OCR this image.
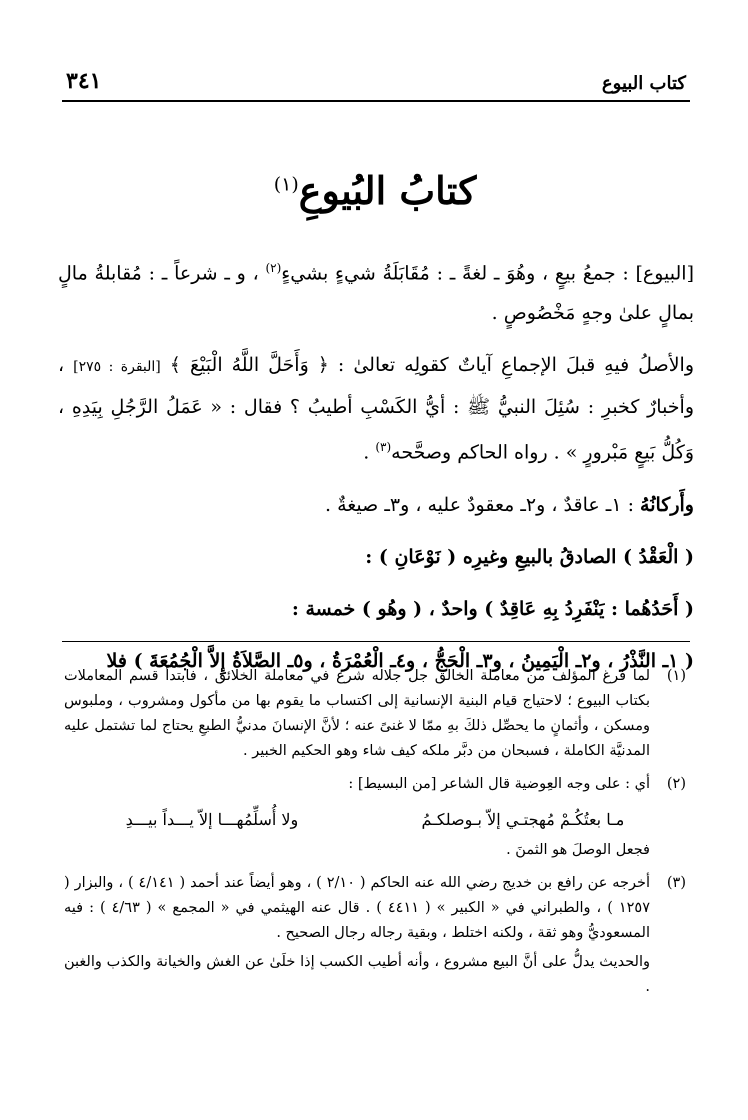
كتاب البيوع
٣٤١
كتابُ البُيوعِ$^{(١)}$

[البيوع] : جمعُ بيعٍ ، وهُوَ ـ لغةً ـ : مُقَابَلَةُ شيءٍ بشيءٍ$^{(٢)}$ ، و ـ شرعاً ـ : مُقابلةُ مالٍ بمالٍ علىٰ وجهٍ مَخْصُوصٍ .

والأصلُ فيهِ قبلَ الإجماعِ آياتٌ كقولِه تعالىٰ : ﴿ وَأَحَلَّ اللَّهُ الْبَيْعَ ﴾ [البقرة : ٢٧٥] ، وأخبارٌ كخبرِ : سُئِلَ النبيُّ ﷺ : أيُّ الكَسْبِ أطيبُ ؟ فقال : « عَمَلُ الرَّجُلِ بِيَدِهِ ، وَكُلُّ بَيعٍ مَبْرورٍ » . رواه الحاكم وصحَّحه$^{(٣)}$ .

وأَركانُهُ : ١ـ عاقدٌ ، و٢ـ معقودٌ عليه ، و٣ـ صيغةٌ .

( الْعَقْدُ ) الصادقُ بالبيعِ وغيرِه ( نَوْعَانِ ) :

( أَحَدُهُما : يَنْفَرِدُ بِهِ عَاقِدٌ ) واحدٌ ، ( وهُو ) خمسة :

( ١ـ النَّذْرُ ، و٢ـ الْيَمِينُ ، و٣ـ الْحَجُّ ، و٤ـ الْعُمْرَةُ ، و٥ـ الصَّلاَةُ إِلاَّ الْجُمُعَةَ ) فلا

(١)
لما فرغ المؤلف من معاملة الخالق جل جلاله شرع في معاملة الخلائق ، فابتدأ قسم المعاملات بكتاب البيوع ؛ لاحتياج قيام البنية الإنسانية إلى اكتساب ما يقوم بها من مأكول ومشروب ، وملبوس ومسكن ، وأثمانٍ ما يحصِّل ذلكَ بهِ ممّا لا غنىً عنه ؛ لأنَّ الإنسانَ مدنيُّ الطبعِ يحتاج لما تشتمل عليه المدنيَّة الكاملة ، فسبحان من دبَّر ملكه كيف شاء وهو الحكيم الخبير .
(٢)
أي : على وجه العِوضية قال الشاعر [من البسيط] :
مـا بعتُكُـمْ مُهجتـي إلاّ بـوصلكـمُ
ولا أُسلِّمُهـــا إلاّ يـــداً بيـــدِ
فجعل الوصلَ هو الثمنَ .
(٣)
أخرجه عن رافع بن خديج رضي الله عنه الحاكم ( ٢/١٠ ) ، وهو أيضاً عند أحمد ( ٤/١٤١ ) ، والبزار ( ١٢٥٧ ) ، والطبراني في « الكبير » ( ٤٤١١ ) . قال عنه الهيثمي في « المجمع » ( ٤/٦٣ ) : فيه المسعوديُّ وهو ثقة ، ولكنه اختلط ، وبقية رجاله رجال الصحيح .
والحديث يدلُّ على أنَّ البيع مشروع ، وأنه أطيب الكسب إذا خلَىٰ عن الغش والخيانة والكذب والغبن .
